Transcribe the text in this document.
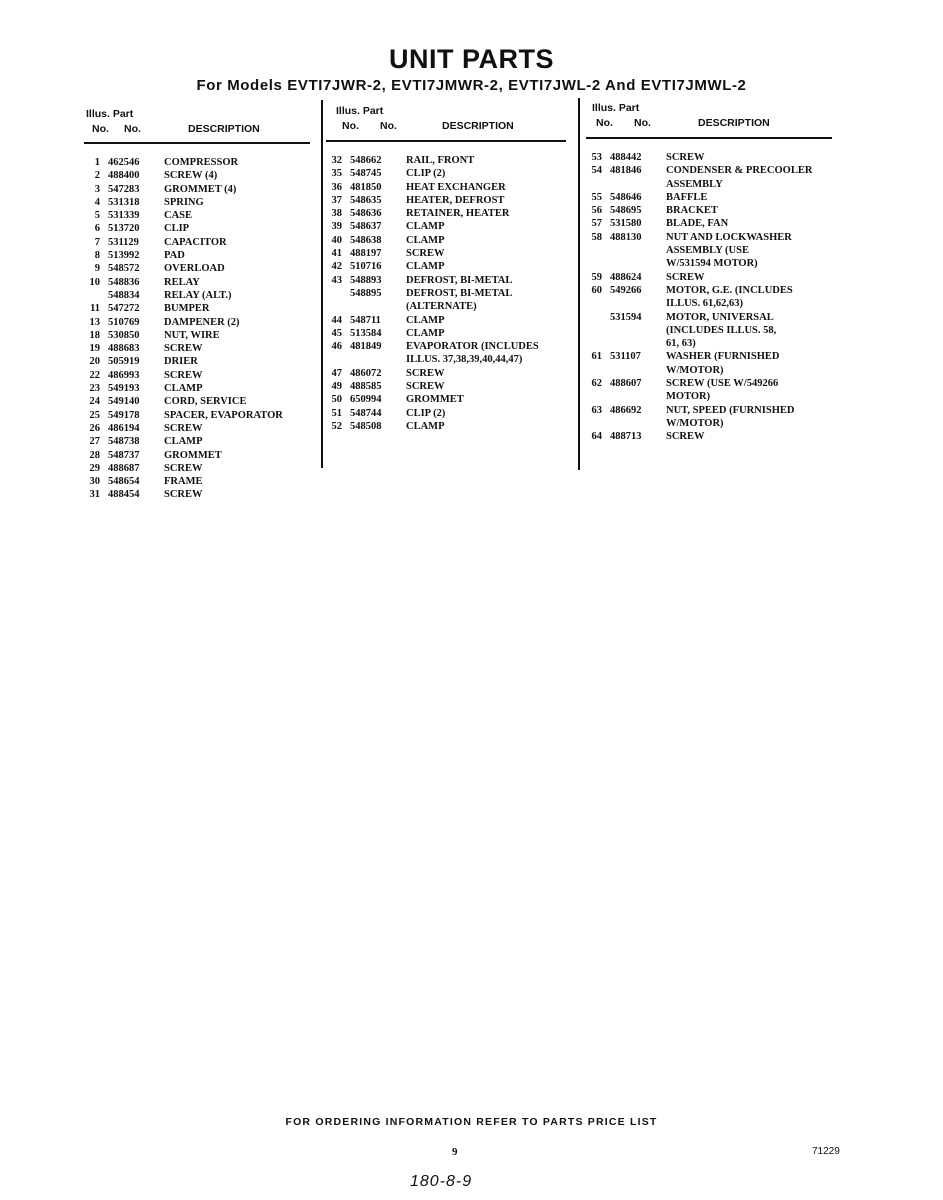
UNIT PARTS
For Models EVTI7JWR-2, EVTI7JMWR-2, EVTI7JWL-2 And EVTI7JMWL-2
Illus. Part
No. No.	DESCRIPTION
1 462546 COMPRESSOR
2 488400 SCREW (4)
3 547283 GROMMET (4)
4 531318 SPRING
5 531339 CASE
6 513720 CLIP
7 531129 CAPACITOR
8 513992 PAD
9 548572 OVERLOAD
10 548836 RELAY
548834 RELAY (ALT.)
11 547272 BUMPER
13 510769 DAMPENER (2)
18 530850 NUT, WIRE
19 488683 SCREW
20 505919 DRIER
22 486993 SCREW
23 549193 CLAMP
24 549140 CORD, SERVICE
25 549178 SPACER, EVAPORATOR
26 486194 SCREW
27 548738 CLAMP
28 548737 GROMMET
29 488687 SCREW
30 548654 FRAME
31 488454 SCREW
Illus. Part
No. No.	DESCRIPTION
32 548662 RAIL, FRONT
35 548745 CLIP (2)
36 481850 HEAT EXCHANGER
37 548635 HEATER, DEFROST
38 548636 RETAINER, HEATER
39 548637 CLAMP
40 548638 CLAMP
41 488197 SCREW
42 510716 CLAMP
43 548893 DEFROST, BI-METAL
548895 DEFROST, BI-METAL
(ALTERNATE)
44 548711 CLAMP
45 513584 CLAMP
46 481849 EVAPORATOR (INCLUDES
ILLUS. 37,38,39,40,44,47)
47 486072 SCREW
49 488585 SCREW
50 650994 GROMMET
51 548744 CLIP (2)
52 548508 CLAMP
Illus. Part
No. No.	DESCRIPTION
53 488442 SCREW
54 481846 CONDENSER & PRECOOLER
ASSEMBLY
55 548646 BAFFLE
56 548695 BRACKET
57 531580 BLADE, FAN
58 488130 NUT AND LOCKWASHER
ASSEMBLY (USE
W/531594 MOTOR)
59 488624 SCREW
60 549266 MOTOR, G.E. (INCLUDES
ILLUS. 61,62,63)
531594 MOTOR, UNIVERSAL
(INCLUDES ILLUS. 58,
61, 63)
61 531107 WASHER (FURNISHED
W/MOTOR)
62 488607 SCREW (USE W/549266
MOTOR)
63 486692 NUT, SPEED (FURNISHED
W/MOTOR)
64 488713 SCREW
FOR ORDERING INFORMATION REFER TO PARTS PRICE LIST
9	71229
180-8-9
